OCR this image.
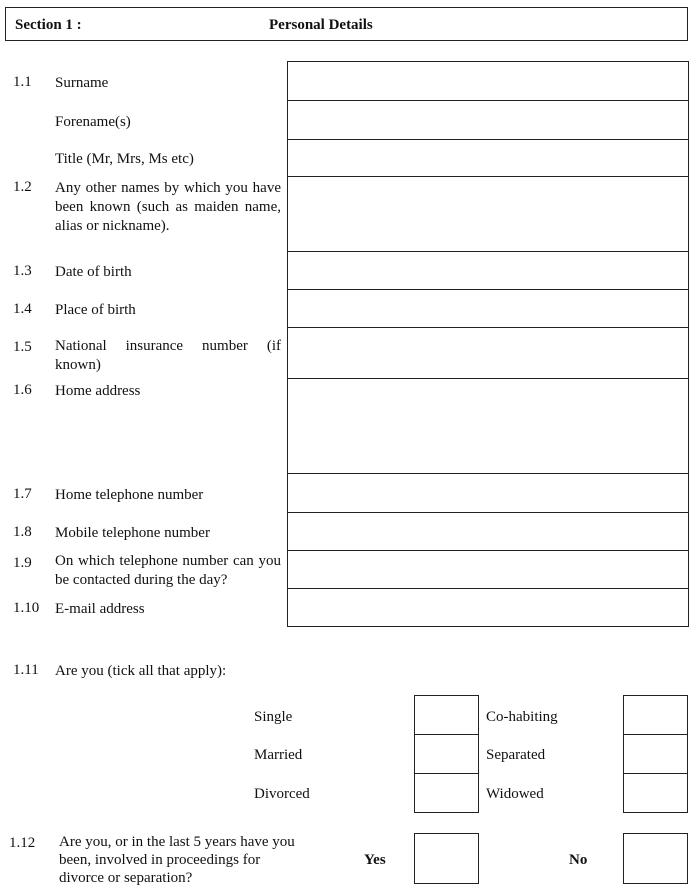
Section 1 :	Personal Details
1.1 Surname
Forename(s)
Title (Mr, Mrs, Ms etc)
1.2 Any other names by which you have been known (such as maiden name, alias or nickname).
1.3 Date of birth
1.4 Place of birth
1.5 National insurance number (if known)
1.6 Home address
1.7 Home telephone number
1.8 Mobile telephone number
1.9 On which telephone number can you be contacted during the day?
1.10 E-mail address
1.11 Are you (tick all that apply):
Single
Married
Divorced
Co-habiting
Separated
Widowed
1.12 Are you, or in the last 5 years have you been, involved in proceedings for divorce or separation?
Yes	No
